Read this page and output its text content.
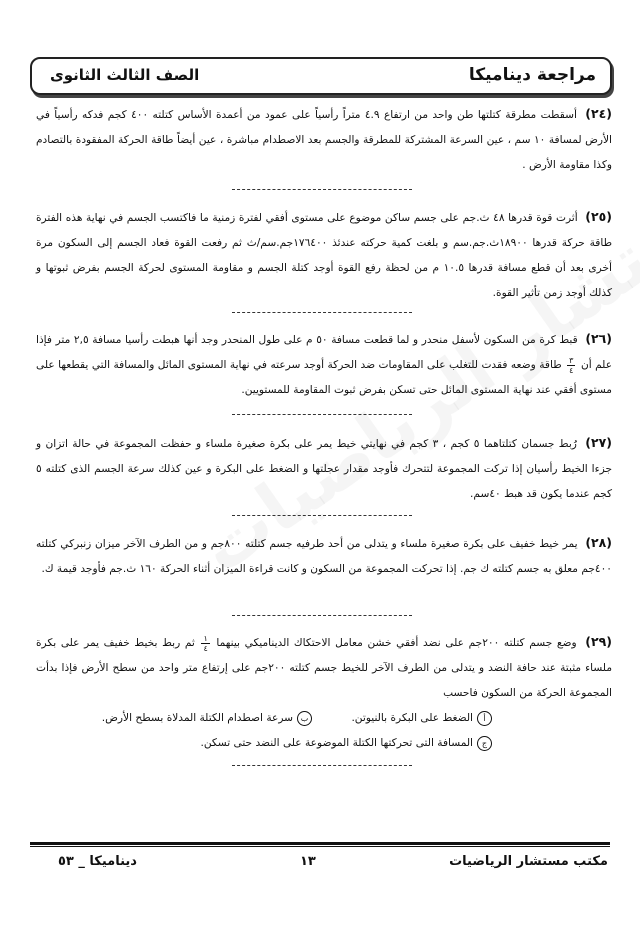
مراجعة ديناميكا
الصف الثالث الثانوى
(٢٤) أسقطت مطرقة كتلتها طن واحد من ارتفاع ٤.٩ متراً رأسياً على عمود من أعمدة الأساس كتلته ٤٠٠ كجم فدكه رأسياً في الأرض لمسافة ١٠ سم ، عين السرعة المشتركة للمطرقة والجسم بعد الاصطدام مباشرة ، عين أيضاً طاقة الحركة المفقودة بالتصادم وكذا مقاومة الأرض .
(٢٥) أثرت قوة قدرها ٤٨ ث.جم على جسم ساكن موضوع على مستوى أفقي لفترة زمنية ما فاكتسب الجسم في نهاية هذه الفترة طاقة حركة قدرها ١٨٩٠٠ث.جم.سم و بلغت كمية حركته عندئذ ١٧٦٤٠٠جم.سم/ث ثم رفعت القوة فعاد الجسم إلى السكون مرة أخرى بعد أن قطع مسافة قدرها ١٠.٥ م من لحظة رفع القوة أوجد كتلة الجسم و مقاومة المستوى لحركة الجسم بفرض ثبوتها و كذلك أوجد زمن تأثير القوة.
(٢٦) قبط كرة من السكون لأسفل منحدر و لما قطعت مسافة ٥٠ م على طول المنحدر وجد أنها هبطت رأسيا مسافة ٢,٥ متر فإذا علم أن
$\frac{٣}{٤}$
طاقة وضعه فقدت للتغلب على المقاومات ضد الحركة أوجد سرعته في نهاية المستوى المائل والمسافة التي يقطعها على مستوى أفقي عند نهاية المستوى المائل حتى تسكن بفرض ثبوت المقاومة للمستويين.
(٢٧) رُبط جسمان كتلتاهما ٥ كجم ، ٣ كجم في نهايتي خيط يمر على بكرة صغيرة ملساء و حفظت المجموعة في حالة اتزان و جزءا الخيط رأسيان إذا تركت المجموعة لتتحرك فأوجد مقدار عجلتها و الضغط على البكرة و عين كذلك سرعة الجسم الذى كتلته ٥ كجم عندما يكون قد هبط ٤٠سم.
(٢٨) يمر خيط خفيف على بكرة صغيرة ملساء و يتدلى من أحد طرفيه جسم كتلته ٨٠٠جم و من الطرف الآخر ميزان زنبركي كتلته ٤٠٠جم معلق به جسم كتلته ك جم. إذا تحركت المجموعة من السكون و كانت قراءة الميزان أثناء الحركة ١٦٠ ث.جم فأوجد قيمة ك.
(٢٩) وضع جسم كتلته ٢٠٠جم على نضد أفقي خشن معامل الاحتكاك الديناميكي بينهما
$\frac{١}{٤}$
ثم ربط بخيط خفيف يمر على بكرة ملساء مثبتة عند حافة النضد و يتدلى من الطرف الآخر للخيط جسم كتلته ٢٠٠جم على إرتفاع متر واحد من سطح الأرض فإذا بدأت المجموعة الحركة من السكون فاحسب
أالضغط على البكرة بالنيوتن. بسرعة اصطدام الكتلة المدلاة بسطح الأرض.
جالمسافة التى تحركتها الكتلة الموضوعة على النضد حتى تسكن.
مكتب مستشار الرياضيات
١٣
ديناميكا _ ٥٣
